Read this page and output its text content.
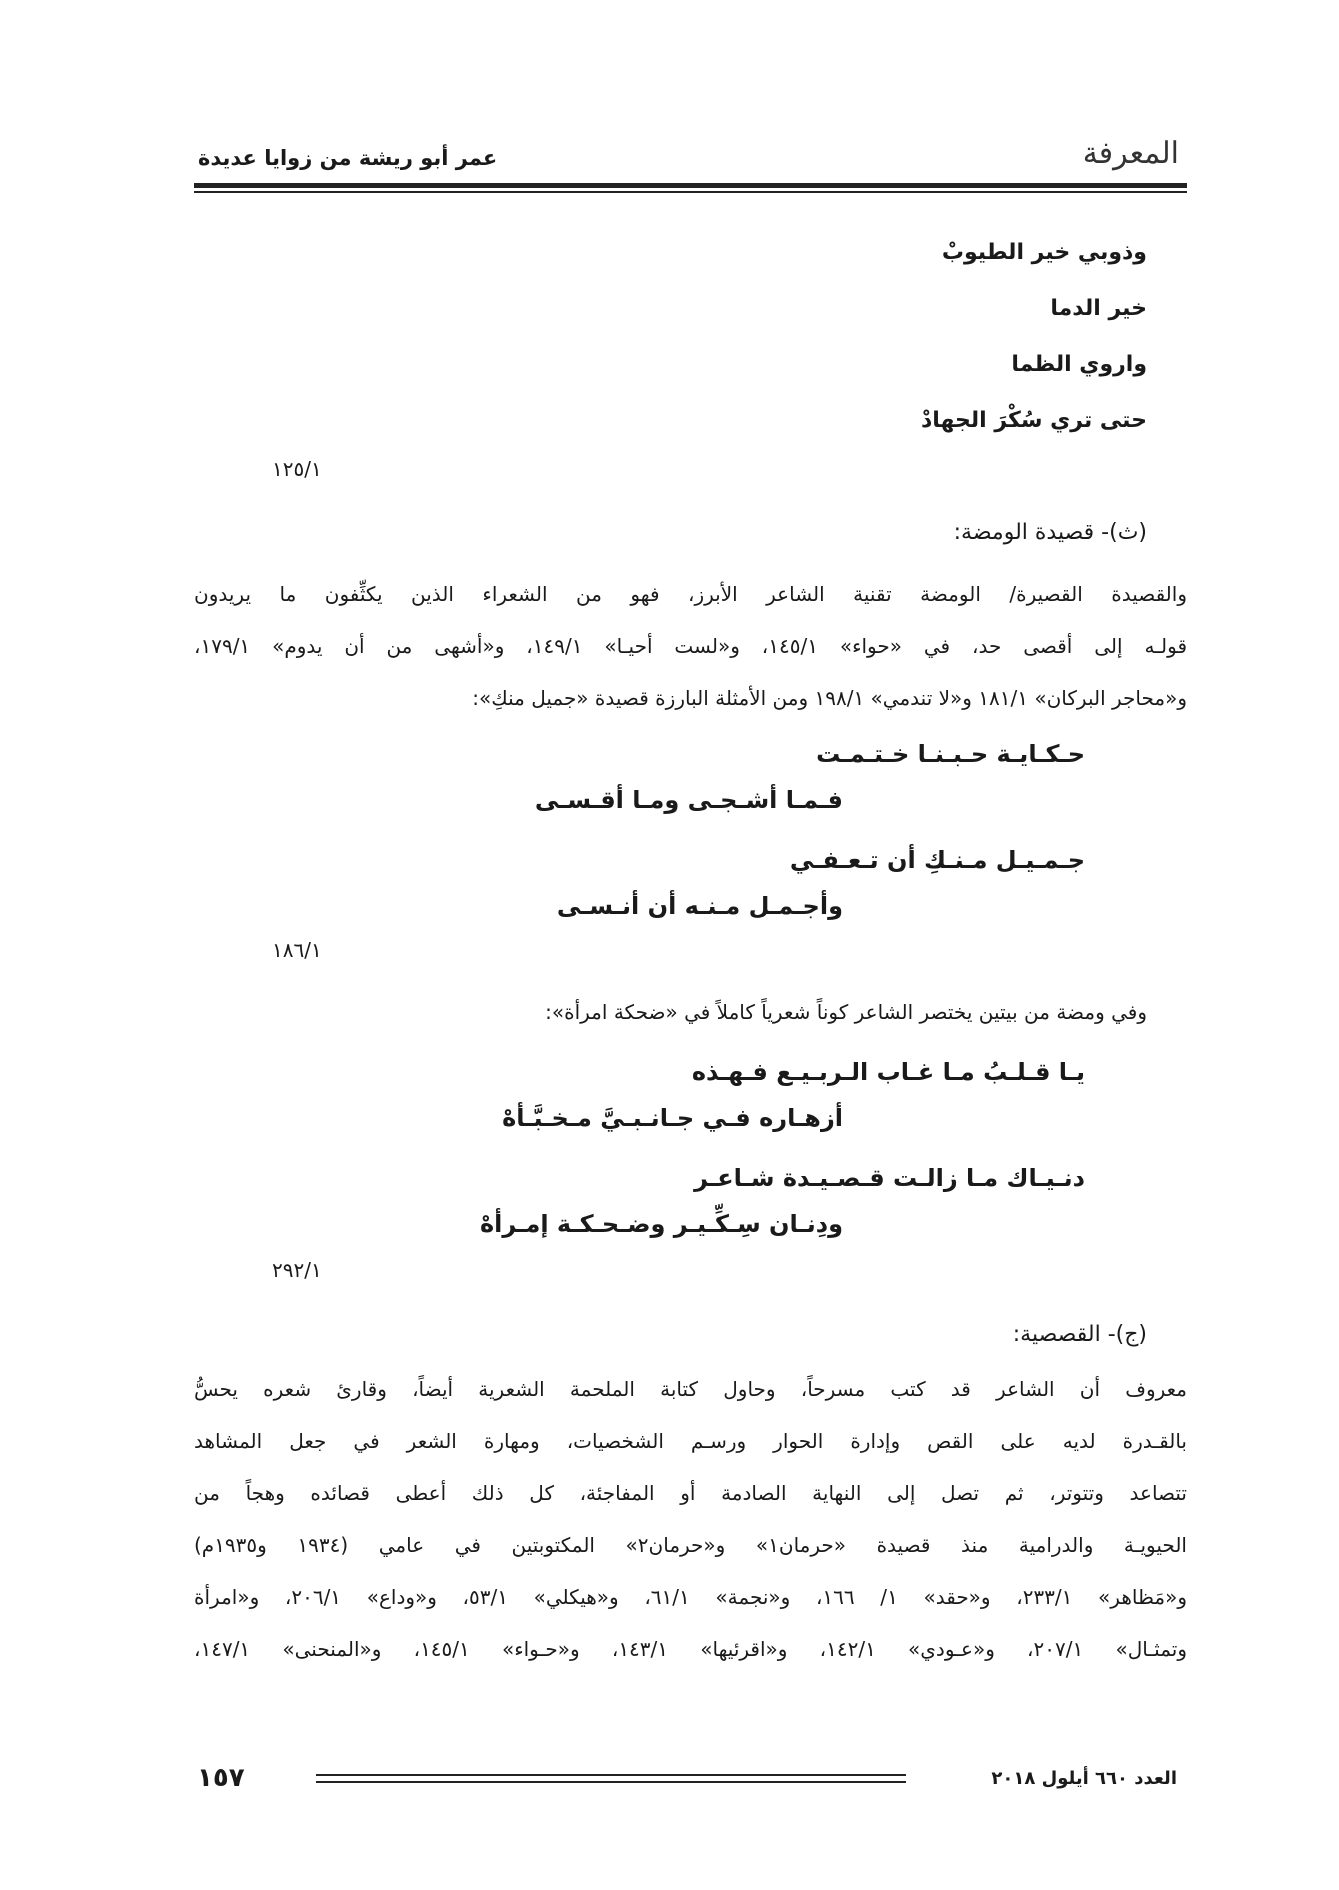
المعرفة
عمر أبو ريشة من زوايا عديدة
وذوبي خير الطيوبْ
خير الدما
واروي الظما
حتى تري سُكْرَ الجهادْ
١٢٥/١
(ث)- قصيدة الومضة:
والقصيدة القصيرة/ الومضة تقنية الشاعر الأبرز، فهو من الشعراء الذين يكثِّفون ما يريدون
قولـه إلى أقصى حد، في «حواء» ١٤٥/١، و«لست أحيـا» ١٤٩/١، و«أشهى من أن يدوم» ١٧٩/١،
و«محاجر البركان» ١٨١/١ و«لا تندمي» ١٩٨/١ ومن الأمثلة البارزة قصيدة «جميل منكِ»:
حـكـايـة حـبـنـا خـتـمـت
فـمـا أشـجـى ومـا أقـسـى
جـمـيـل مـنـكِ أن تـعـفـي
وأجـمـل مـنـه أن أنـسـى
١٨٦/١
وفي ومضة من بيتين يختصر الشاعر كوناً شعرياً كاملاً في «ضحكة امرأة»:
يـا قـلـبُ مـا غـاب الـربـيـع فـهـذه
أزهـاره فـي جـانـبـيَّ مـخـبَّـأهْ
دنـيـاك مـا زالـت قـصـيـدة شـاعـر
ودِنـان سِـكِّـيـر وضـحـكـة إمـرأهْ
٢٩٢/١
(ج)- القصصية:
معروف أن الشاعر قد كتب مسرحاً، وحاول كتابة الملحمة الشعرية أيضاً، وقارئ شعره يحسُّ
بالقـدرة لديه على القص وإدارة الحوار ورسـم الشخصيات، ومهارة الشعر في جعل المشاهد
تتصاعد وتتوتر، ثم تصل إلى النهاية الصادمة أو المفاجئة، كل ذلك أعطى قصائده وهجاً من
الحيويـة والدرامية منذ قصيدة «حرمان١» و«حرمان٢» المكتوبتين في عامي (١٩٣٤ و١٩٣٥م)
و«مَظاهر» ٢٣٣/١، و«حقد» ١/ ١٦٦، و«نجمة» ٦١/١، و«هيكلي» ٥٣/١، و«وداع» ٢٠٦/١، و«امرأة
وتمثـال» ٢٠٧/١، و«عـودي» ١٤٢/١، و«اقرئيها» ١٤٣/١، و«حـواء» ١٤٥/١، و«المنحنى» ١٤٧/١،
١٥٧	العدد ٦٦٠ أيلول ٢٠١٨
